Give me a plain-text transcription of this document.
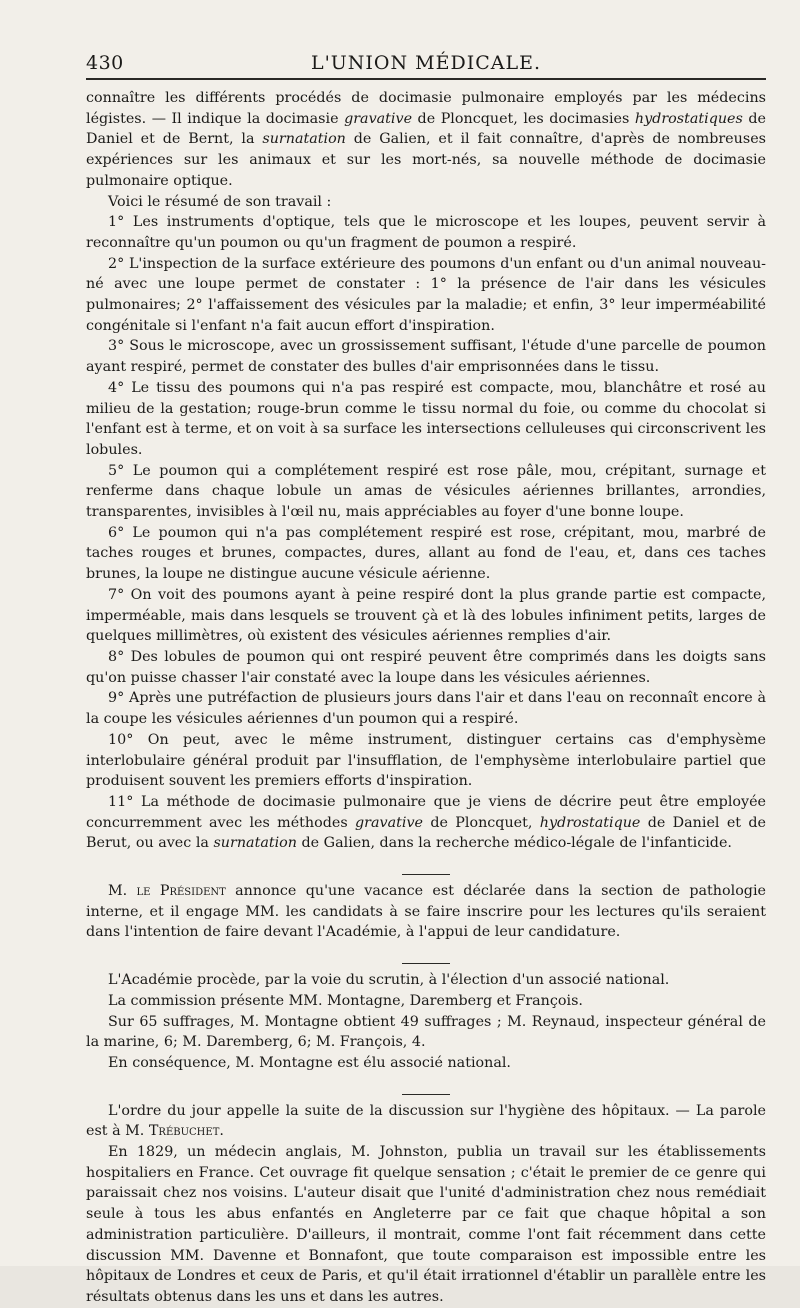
430	L'UNION MÉDICALE.

connaître les différents procédés de docimasie pulmonaire employés par les médecins légistes. — Il indique la docimasie gravative de Ploncquet, les docimasies hydrostatiques de Daniel et de Bernt, la surnatation de Galien, et il fait connaître, d'après de nombreuses expériences sur les animaux et sur les mort-nés, sa nouvelle méthode de docimasie pulmonaire optique.

Voici le résumé de son travail :

1° Les instruments d'optique, tels que le microscope et les loupes, peuvent servir à reconnaître qu'un poumon ou qu'un fragment de poumon a respiré.

2° L'inspection de la surface extérieure des poumons d'un enfant ou d'un animal nouveau-né avec une loupe permet de constater : 1° la présence de l'air dans les vésicules pulmonaires; 2° l'affaissement des vésicules par la maladie; et enfin, 3° leur imperméabilité congénitale si l'enfant n'a fait aucun effort d'inspiration.

3° Sous le microscope, avec un grossissement suffisant, l'étude d'une parcelle de poumon ayant respiré, permet de constater des bulles d'air emprisonnées dans le tissu.

4° Le tissu des poumons qui n'a pas respiré est compacte, mou, blanchâtre et rosé au milieu de la gestation; rouge-brun comme le tissu normal du foie, ou comme du chocolat si l'enfant est à terme, et on voit à sa surface les intersections celluleuses qui circonscrivent les lobules.

5° Le poumon qui a complétement respiré est rose pâle, mou, crépitant, surnage et renferme dans chaque lobule un amas de vésicules aériennes brillantes, arrondies, transparentes, invisibles à l'œil nu, mais appréciables au foyer d'une bonne loupe.

6° Le poumon qui n'a pas complétement respiré est rose, crépitant, mou, marbré de taches rouges et brunes, compactes, dures, allant au fond de l'eau, et, dans ces taches brunes, la loupe ne distingue aucune vésicule aérienne.

7° On voit des poumons ayant à peine respiré dont la plus grande partie est compacte, imperméable, mais dans lesquels se trouvent çà et là des lobules infiniment petits, larges de quelques millimètres, où existent des vésicules aériennes remplies d'air.

8° Des lobules de poumon qui ont respiré peuvent être comprimés dans les doigts sans qu'on puisse chasser l'air constaté avec la loupe dans les vésicules aériennes.

9° Après une putréfaction de plusieurs jours dans l'air et dans l'eau on reconnaît encore à la coupe les vésicules aériennes d'un poumon qui a respiré.

10° On peut, avec le même instrument, distinguer certains cas d'emphysème interlobulaire général produit par l'insufflation, de l'emphysème interlobulaire partiel que produisent souvent les premiers efforts d'inspiration.

11° La méthode de docimasie pulmonaire que je viens de décrire peut être employée concurremment avec les méthodes gravative de Ploncquet, hydrostatique de Daniel et de Berut, ou avec la surnatation de Galien, dans la recherche médico-légale de l'infanticide.

M. le Président annonce qu'une vacance est déclarée dans la section de pathologie interne, et il engage MM. les candidats à se faire inscrire pour les lectures qu'ils seraient dans l'intention de faire devant l'Académie, à l'appui de leur candidature.

L'Académie procède, par la voie du scrutin, à l'élection d'un associé national.

La commission présente MM. Montagne, Daremberg et François.

Sur 65 suffrages, M. Montagne obtient 49 suffrages ; M. Reynaud, inspecteur général de la marine, 6; M. Daremberg, 6; M. François, 4.

En conséquence, M. Montagne est élu associé national.

L'ordre du jour appelle la suite de la discussion sur l'hygiène des hôpitaux. — La parole est à M. Trébuchet.

En 1829, un médecin anglais, M. Johnston, publia un travail sur les établissements hospitaliers en France. Cet ouvrage fit quelque sensation ; c'était le premier de ce genre qui paraissait chez nos voisins. L'auteur disait que l'unité d'administration chez nous remédiait seule à tous les abus enfantés en Angleterre par ce fait que chaque hôpital a son administration particulière. D'ailleurs, il montrait, comme l'ont fait récemment dans cette discussion MM. Davenne et Bonnafont, que toute comparaison est impossible entre les hôpitaux de Londres et ceux de Paris, et qu'il était irrationnel d'établir un parallèle entre les résultats obtenus dans les uns et dans les autres.
